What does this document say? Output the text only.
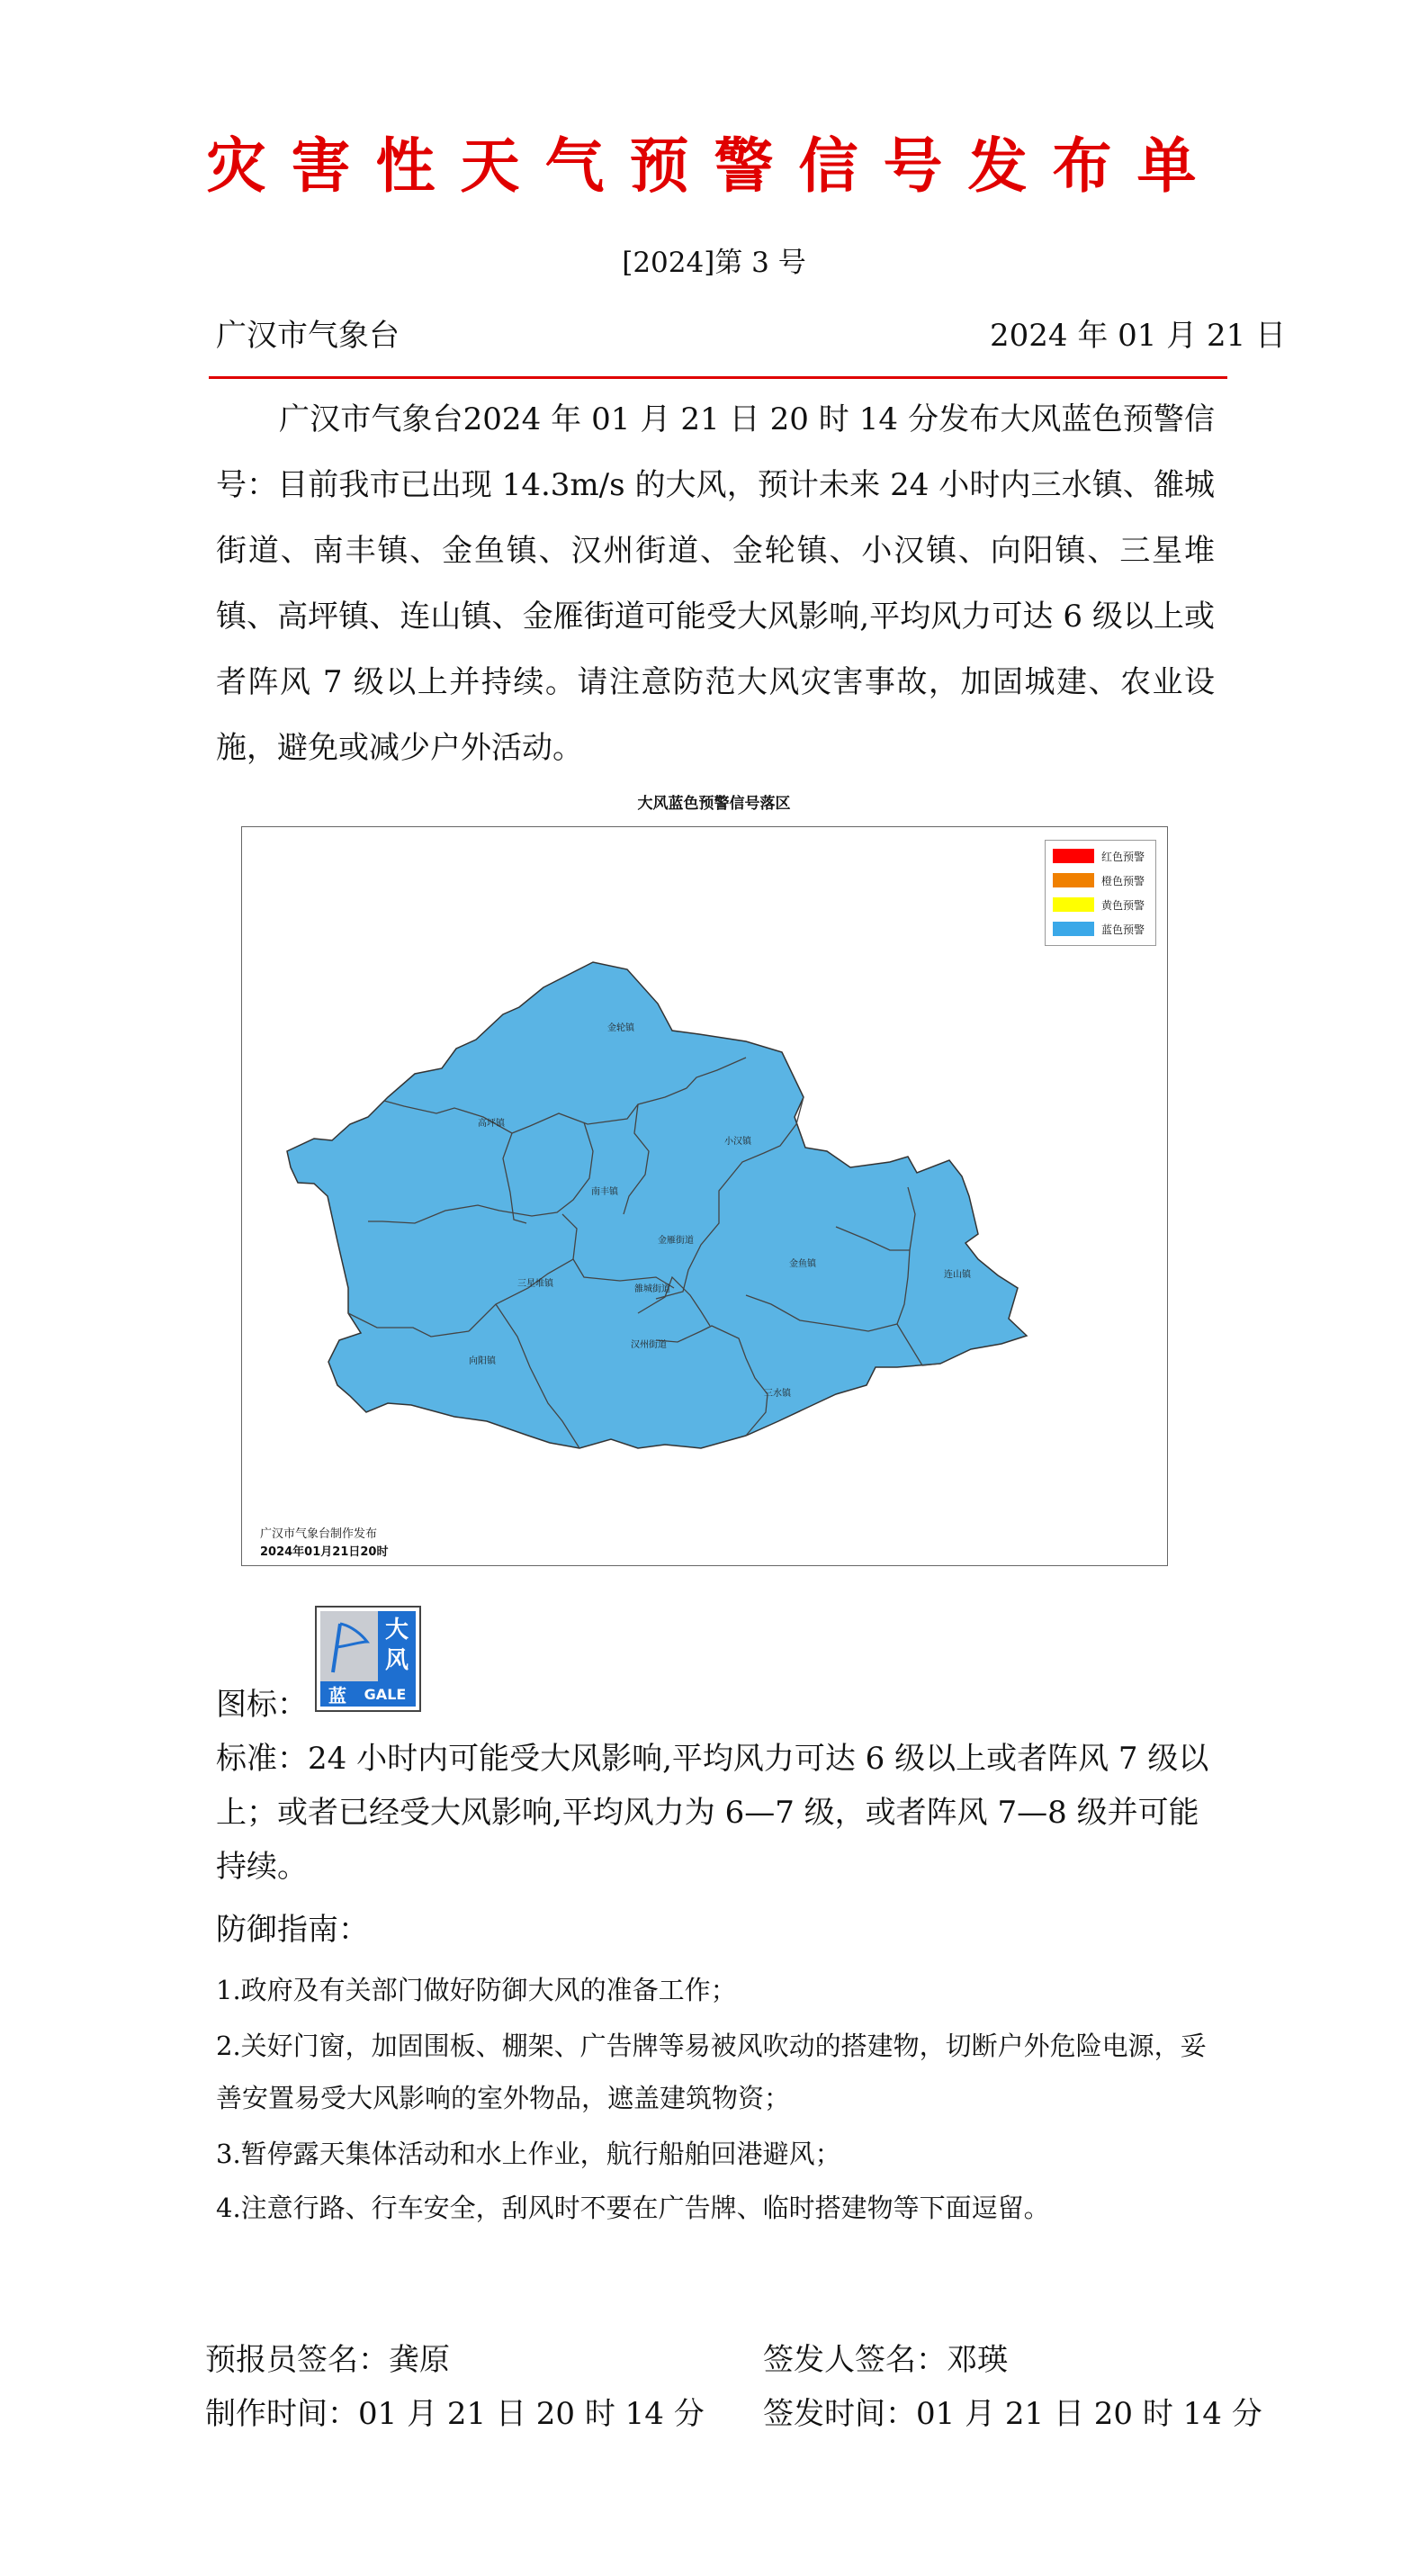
灾害性天气预警信号发布单
[2024]第 3 号
广汉市气象台	2024 年 01 月 21 日
广汉市气象台2024 年 01 月 21 日 20 时 14 分发布大风蓝色预警信号：目前我市已出现 14.3m/s 的大风，预计未来 24 小时内三水镇、雒城街道、南丰镇、金鱼镇、汉州街道、金轮镇、小汉镇、向阳镇、三星堆镇、高坪镇、连山镇、金雁街道可能受大风影响,平均风力可达 6 级以上或者阵风 7 级以上并持续。请注意防范大风灾害事故，加固城建、农业设施，避免或减少户外活动。
大风蓝色预警信号落区
红色预警
橙色预警
黄色预警
蓝色预警
金轮镇
高坪镇
小汉镇
南丰镇
金雁街道
三星堆镇
雒城街道
金鱼镇
连山镇
向阳镇
汉州街道
三水镇
广汉市气象台制作发布
2024年01月21日20时
大
风
蓝	GALE
图标：
标准：24 小时内可能受大风影响,平均风力可达 6 级以上或者阵风 7 级以上；或者已经受大风影响,平均风力为 6—7 级，或者阵风 7—8 级并可能持续。
防御指南：
1.政府及有关部门做好防御大风的准备工作；
2.关好门窗，加固围板、棚架、广告牌等易被风吹动的搭建物，切断户外危险电源，妥善安置易受大风影响的室外物品，遮盖建筑物资；
3.暂停露天集体活动和水上作业，航行船舶回港避风；
4.注意行路、行车安全，刮风时不要在广告牌、临时搭建物等下面逗留。
预报员签名：龚原	签发人签名：邓瑛
制作时间：01 月 21 日 20 时 14 分 签发时间：01 月 21 日 20 时 14 分
